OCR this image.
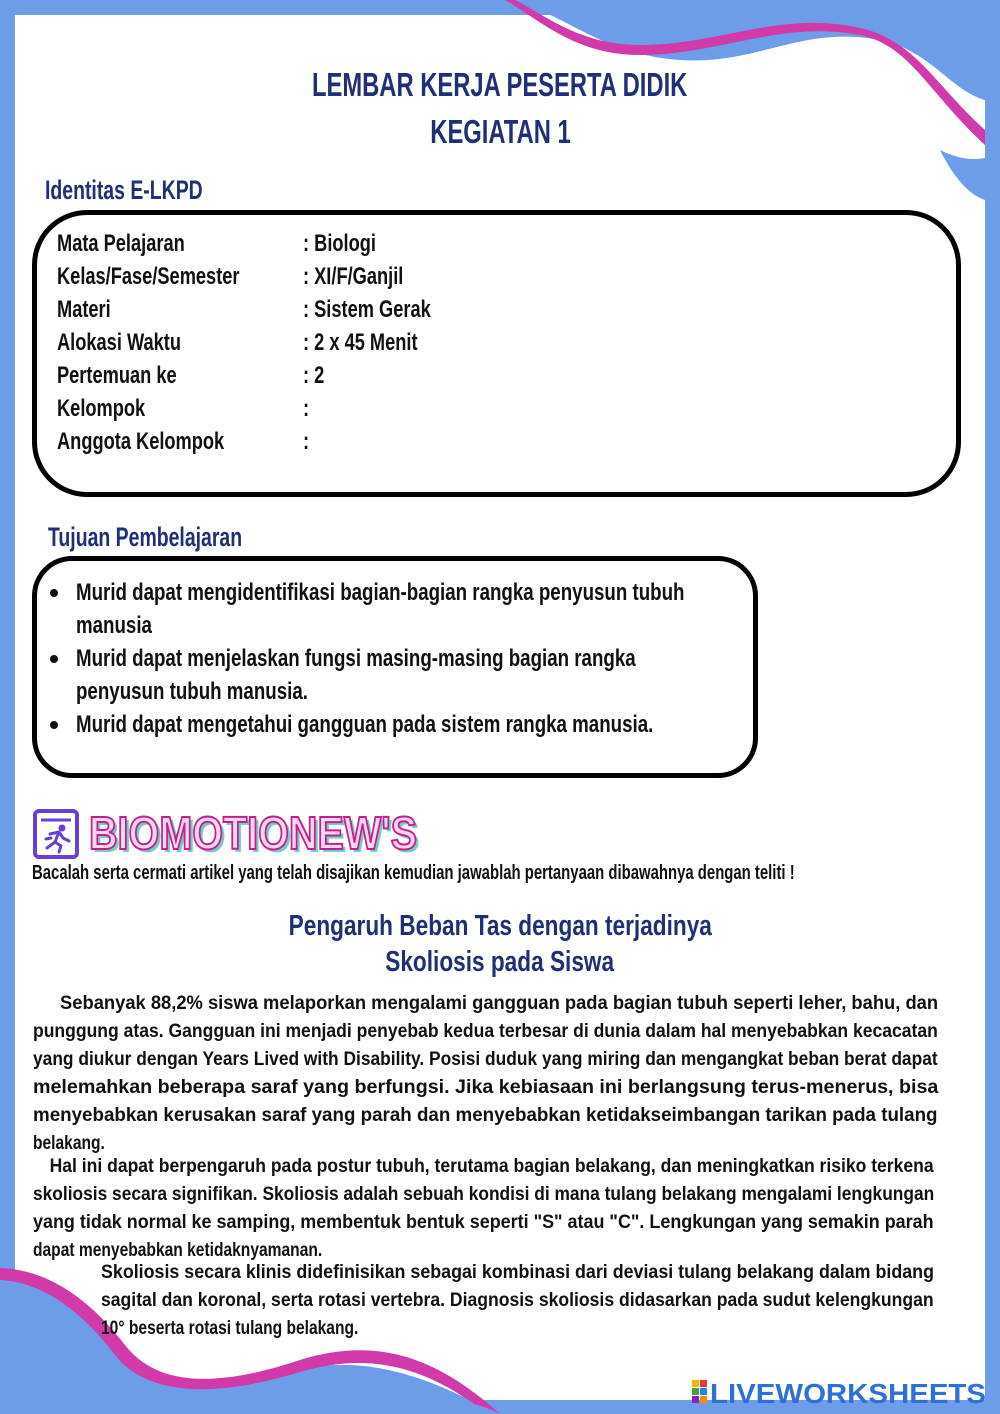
LEMBAR KERJA PESERTA DIDIK
KEGIATAN 1
Identitas E-LKPD
Mata Pelajaran	: Biologi
Kelas/Fase/Semester	: XI/F/Ganjil
Materi	: Sistem Gerak
Alokasi Waktu	: 2 x 45 Menit
Pertemuan ke	: 2
Kelompok	:
Anggota Kelompok	:
Tujuan Pembelajaran
Murid dapat mengidentifikasi bagian-bagian rangka penyusun tubuh
manusia
Murid dapat menjelaskan fungsi masing-masing bagian rangka
penyusun tubuh manusia.
Murid dapat mengetahui gangguan pada sistem rangka manusia.
BIOMOTIONEW'S
BIOMOTIONEW'S
Bacalah serta cermati artikel yang telah disajikan kemudian jawablah pertanyaan dibawahnya dengan teliti !
Pengaruh Beban Tas dengan terjadinya
Skoliosis pada Siswa
Sebanyak 88,2% siswa melaporkan mengalami gangguan pada bagian tubuh seperti leher, bahu, dan
punggung atas. Gangguan ini menjadi penyebab kedua terbesar di dunia dalam hal menyebabkan kecacatan
yang diukur dengan Years Lived with Disability. Posisi duduk yang miring dan mengangkat beban berat dapat
melemahkan beberapa saraf yang berfungsi. Jika kebiasaan ini berlangsung terus-menerus, bisa
menyebabkan kerusakan saraf yang parah dan menyebabkan ketidakseimbangan tarikan pada tulang
belakang.
Hal ini dapat berpengaruh pada postur tubuh, terutama bagian belakang, dan meningkatkan risiko terkena
skoliosis secara signifikan. Skoliosis adalah sebuah kondisi di mana tulang belakang mengalami lengkungan
yang tidak normal ke samping, membentuk bentuk seperti "S" atau "C". Lengkungan yang semakin parah
dapat menyebabkan ketidaknyamanan.
Skoliosis secara klinis didefinisikan sebagai kombinasi dari deviasi tulang belakang dalam bidang
sagital dan koronal, serta rotasi vertebra. Diagnosis skoliosis didasarkan pada sudut kelengkungan
10° beserta rotasi tulang belakang.
LIVEWORKSHEETS
